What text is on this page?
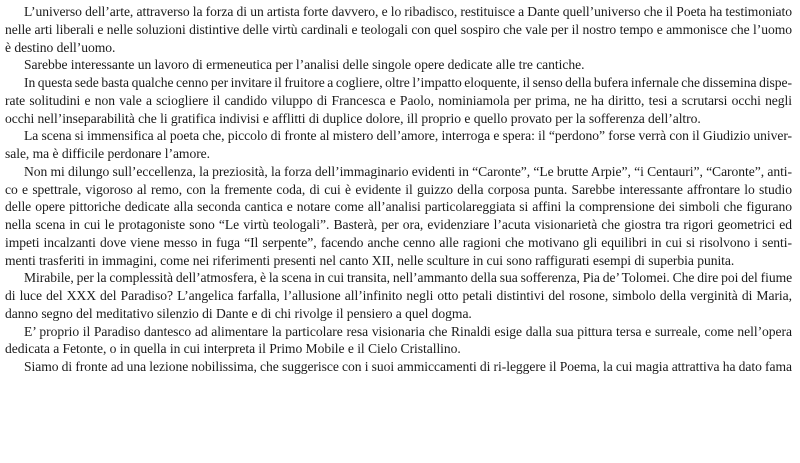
L’universo dell’arte, attraverso la forza di un artista forte davvero, e lo ribadisco, restituisce a Dante quell’universo che il Poeta ha testimoniato
nelle arti liberali e nelle soluzioni distintive delle virtù cardinali e teologali con quel sospiro che vale per il nostro tempo e ammonisce che l’uomo
è destino dell’uomo.
Sarebbe interessante un lavoro di ermeneutica per l’analisi delle singole opere dedicate alle tre cantiche.
In questa sede basta qualche cenno per invitare il fruitore a cogliere, oltre l’impatto eloquente, il senso della bufera infernale che dissemina dispe-
rate solitudini e non vale a sciogliere il candido viluppo di Francesca e Paolo, nominiamola per prima, ne ha diritto, tesi a scrutarsi occhi negli
occhi nell’inseparabilità che li gratifica indivisi e afflitti di duplice dolore, ill proprio e quello provato per la sofferenza dell’altro.
La scena si immensifica al poeta che, piccolo di fronte al mistero dell’amore, interroga e spera: il “perdono” forse verrà con il Giudizio univer-
sale, ma è difficile perdonare l’amore.
Non mi dilungo sull’eccellenza, la preziosità, la forza dell’immaginario evidenti in “Caronte”, “Le brutte Arpie”, “i Centauri”, “Caronte”, anti-
co e spettrale, vigoroso al remo, con la fremente coda, di cui è evidente il guizzo della corposa punta. Sarebbe interessante affrontare lo studio
delle opere pittoriche dedicate alla seconda cantica e notare come all’analisi particolareggiata si affini la comprensione dei simboli che figurano
nella scena in cui le protagoniste sono “Le virtù teologali”. Basterà, per ora, evidenziare l’acuta visionarietà che giostra tra rigori geometrici ed
impeti incalzanti dove viene messo in fuga “Il serpente”, facendo anche cenno alle ragioni che motivano gli equilibri in cui si risolvono i senti-
menti trasferiti in immagini, come nei riferimenti presenti nel canto XII, nelle sculture in cui sono raffigurati esempi di superbia punita.
Mirabile, per la complessità dell’atmosfera, è la scena in cui transita, nell’ammanto della sua sofferenza, Pia de’ Tolomei. Che dire poi del fiume
di luce del XXX del Paradiso? L’angelica farfalla, l’allusione all’infinito negli otto petali distintivi del rosone, simbolo della verginità di Maria,
danno segno del meditativo silenzio di Dante e di chi rivolge il pensiero a quel dogma.
E’ proprio il Paradiso dantesco ad alimentare la particolare resa visionaria che Rinaldi esige dalla sua pittura tersa e surreale, come nell’opera
dedicata a Fetonte, o in quella in cui interpreta il Primo Mobile e il Cielo Cristallino.
Siamo di fronte ad una lezione nobilissima, che suggerisce con i suoi ammiccamenti di ri-leggere il Poema, la cui magia attrattiva ha dato fama
